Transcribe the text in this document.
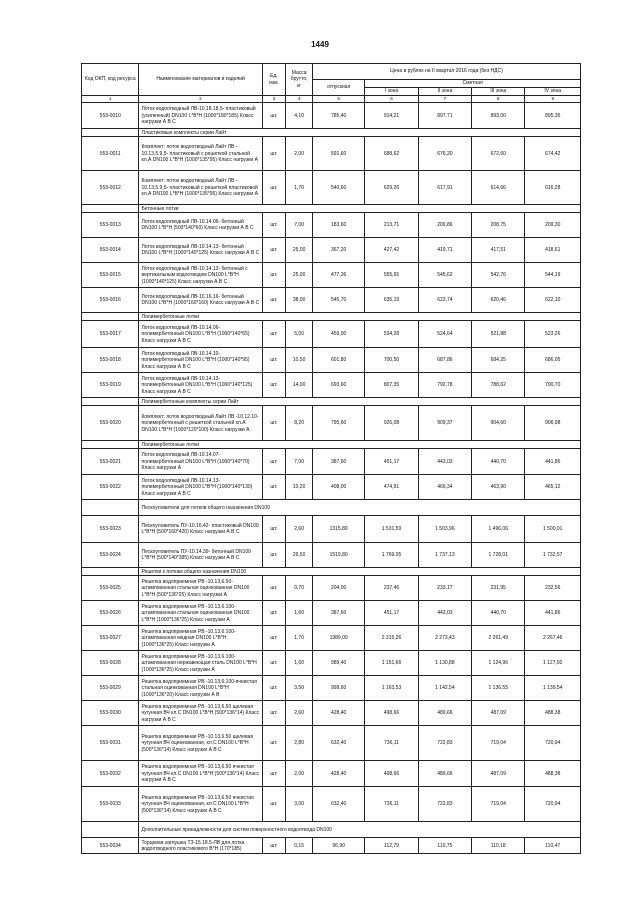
1449
Код ОКП, код ресурса	Наименование материалов и изделий	Ед. изм.	Масса брутто, кг	Цена в рублях на II квартал 2016 года (без НДС)				
				отпускная	Сметная			
					I зона	II зона	III зона	IV зона
1	2	3	4	5	6	7	8	9
553-0010	Лоток водоотводный ЛВ-10.18.18,5- пластиковый (усиленный) DN100 L*B*H (1000*180*185) Класс нагрузки А В С	шт.	4,10	785,40	914,21	897,71	893,00	895,36
	Пластиковые комплекты серии Лайт							
553-0011	Комплект: лоток водоотводный Лайт ЛВ - 10.13,5.9,5- пластиковый с решеткой стальной кл.А DN100 L*B*H (1000*135*95) Класс нагрузки А	шт.	2,00	591,60	688,62	676,20	672,60	674,42
553-0012	Комплект: лоток водоотводный Лайт ЛВ - 10.13,5.9,5- пластиковый с решеткой пластиковой кл.А DN100 L*B*H (1000*135*95) Класс нагрузки А	шт.	1,70	540,60	629,26	617,91	614,66	616,28
	Бетонные лотки							
553-0013	Лоток водоотводный ЛВ-10.14.06- бетонный DN100 L*B*H (500*140*60) Класс нагрузки А В С	шт.	7,00	183,60	213,71	209,86	208,75	209,30
553-0014	Лоток водоотводный ЛВ-10.14.13- бетонный DN100 L*B*H (1000*140*125) Класс нагрузки А В С	шт.	25,00	367,20	427,42	419,71	417,51	418,61
553-0015	Лоток водоотводный ЛВ-10.14.13- бетонный с вертикальным водоотводом DN100 L*B*H (1000*140*125) Класс нагрузки А В С	шт.	25,00	477,36	555,65	545,62	542,76	544,19
553-0016	Лоток водоотводный ЛВ-10.16.16- бетонный DN100 L*B*H (1000*160*160) Класс нагрузки А В С	шт.	38,00	545,70	635,19	623,74	620,46	622,10
	Полимербетонные лотки							
553-0017	Лоток водоотводный ЛВ-10.14.06- полимербетонный DN100 L*B*H (1000*140*65) Класс нагрузки А В С	шт.	5,00	459,00	534,28	524,64	521,88	523,26
553-0018	Лоток водоотводный ЛВ-10.14.10- полимербетонный DN100 L*B*H (1000*140*95) Класс нагрузки А В С	шт.	10,50	601,80	700,50	687,86	684,25	686,05
553-0019	Лоток водоотводный ЛВ-10.14.13- полимербетонный DN100 L*B*H (1000*140*125) Класс нагрузки А В С	шт.	14,00	693,60	807,35	792,78	788,62	790,70
	Полимербетонные комплекты серии Лайт							
553-0020	Комплект: лоток водоотводный Лайт ЛВ -10.12.10- полимербетонный с решеткой стальной кл.А DN100 L*B*H (1000*120*100) Класс нагрузки А	шт.	8,20	795,60	926,08	909,37	904,60	906,98
	Полимербетонные лотки							
553-0021	Лоток водоотводный ЛВ-10.14.07- полимербетонный DN100 L*B*H (1000*140*70) Класс нагрузки А	шт.	7,00	387,60	451,17	443,03	440,70	441,86
553-0022	Лоток водоотводный ЛВ-10.14.13- полимербетонный DN100 L*B*H (1000*140*130) Класс нагрузки А В С	шт.	10,20	408,00	474,91	466,34	463,90	465,12
	Пескоуловители для лотков общего назначения DN100							
553-0023	Пескоуловитель ПУ-10.16.42- пластиковый DN100 L*B*H (500*160*420) Класс нагрузки А В С	шт.	2,60	1315,80	1 531,59	1 503,96	1 496,06	1 500,01
553-0024	Пескоуловитель ПУ-10.14.39- бетонный DN100 L*B*H (500*140*385) Класс нагрузки А В С	шт.	26,50	1519,80	1 769,05	1 737,13	1 728,01	1 732,57
	Решетки к лоткам общего назначения DN100							
553-0025	Решетка водоприемная РВ -10.13,6.50- штампованная стальная оцинкованная DN100 L*B*H (500*136*25) Класс нагрузки А	шт.	0,70	204,00	237,46	233,17	231,95	232,56
553-0026	Решетка водоприемная РВ -10.13,6.100- штампованная стальная оцинкованная DN100 L*B*H (1000*136*25) Класс нагрузки А	шт.	1,60	387,60	451,17	443,03	440,70	441,86
553-0027	Решетка водоприемная РВ -10.13,6.100- штампованная медная DN100 L*B*H (1000*136*25) Класс нагрузки А	шт.	1,70	1989,00	2 315,26	2 273,43	2 261,49	2 267,46
553-0028	Решетка водоприемная РВ -10.13,6.100- штампованная нержавеющая сталь DN100 L*B*H (1000*136*25) Класс нагрузки А	шт.	1,60	989,40	1 151,66	1 130,88	1 124,96	1 127,92
553-0029	Решетка водоприемная РВ -10.13,6.100-ячеистая стальная оцинкованная DN100 L*B*H (1000*136*20) Класс нагрузки А В	шт.	3,50	999,60	1 163,53	1 142,54	1 136,55	1 139,54
553-0030	Решетка водоприемная РВ -10.13,6.50 щелевая чугунная ВЧ кл.С DN100 L*B*H (500*136*14) Класс нагрузки А В С	шт.	2,60	428,40	498,66	489,66	487,09	488,38
553-0031	Решетка водоприемная РВ -10.13,6.50 щелевая чугунная ВЧ оцинкованная, кл.С DN100 L*B*H (500*136*14) Класс нагрузки А В С	шт.	2,80	632,40	736,11	722,83	719,04	720,94
553-0032	Решетка водоприемная РВ -10.13,6.50 ячеистая чугунная ВЧ кл.С DN100 L*B*H (500*136*14) Класс нагрузки А В С	шт.	2,00	428,40	498,66	489,66	487,09	488,38
553-0033	Решетка водоприемная РВ -10.13,6.50 ячеистая чугунная ВЧ оцинкованная, кл.С DN100 L*B*H (500*136*14) Класс нагрузки А В С	шт.	3,00	632,40	736,11	722,83	719,04	720,94
	Дополнительные принадлежности для систем поверхностного водоотвода DN100							
553-0034	Торцевая заглушка ТЗ-15.18.5-ЛВ для лотка водоотводного пластикового B*H (170*185)	шт.	0,15	96,90	112,79	110,75	110,18	110,47
